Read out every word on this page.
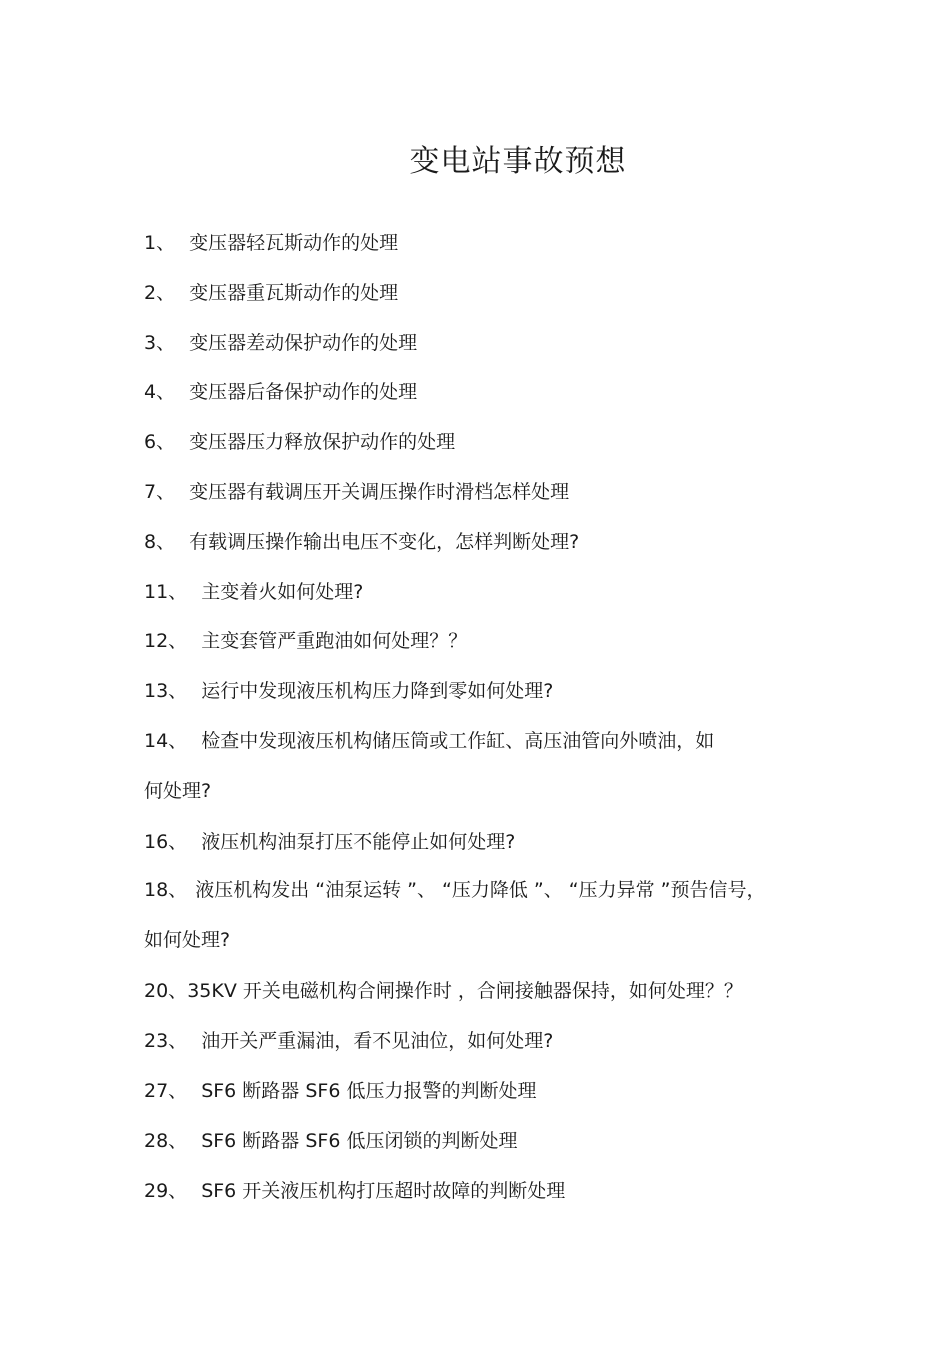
变电站事故预想
1、 变压器轻瓦斯动作的处理
2、 变压器重瓦斯动作的处理
3、 变压器差动保护动作的处理
4、 变压器后备保护动作的处理
6、 变压器压力释放保护动作的处理
7、 变压器有载调压开关调压操作时滑档怎样处理
8、 有载调压操作输出电压不变化，怎样判断处理?
11、 主变着火如何处理?
12、 主变套管严重跑油如何处理？？
13、 运行中发现液压机构压力降到零如何处理?
14、 检查中发现液压机构储压筒或工作缸、高压油管向外喷油，如
何处理?
16、 液压机构油泵打压不能停止如何处理?
18、 液压机构发出 “油泵运转 ”、 “压力降低 ”、 “压力异常 ”预告信号，
如何处理?
20、35KV 开关电磁机构合闸操作时 ，合闸接触器保持，如何处理？？
23、 油开关严重漏油，看不见油位，如何处理?
27、 SF6 断路器 SF6 低压力报警的判断处理
28、 SF6 断路器 SF6 低压闭锁的判断处理
29、 SF6 开关液压机构打压超时故障的判断处理
